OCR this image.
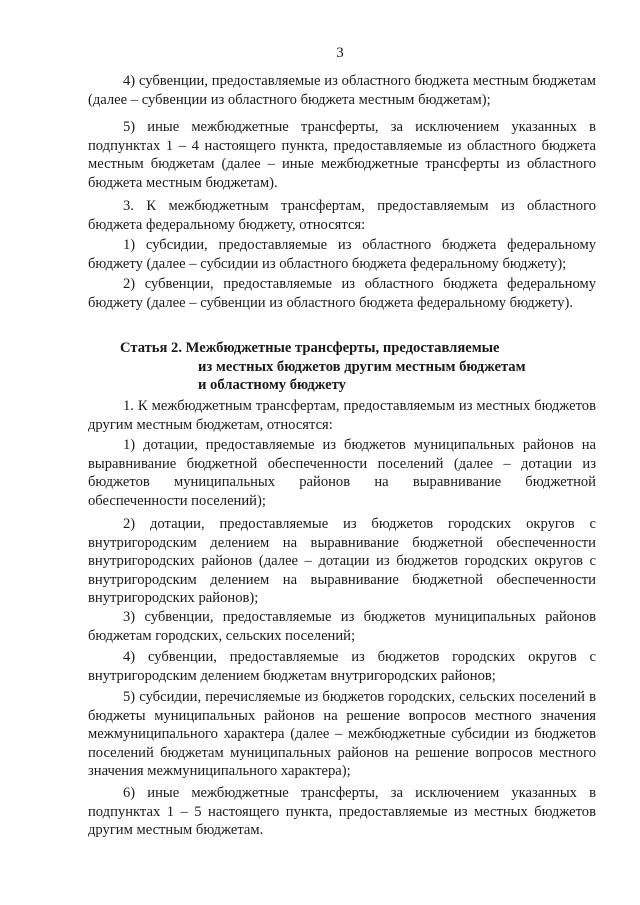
3

4) субвенции, предоставляемые из областного бюджета местным бюджетам (далее – субвенции из областного бюджета местным бюджетам);

5) иные межбюджетные трансферты, за исключением указанных в подпунктах 1 – 4 настоящего пункта, предоставляемые из областного бюджета местным бюджетам (далее – иные межбюджетные трансферты из областного бюджета местным бюджетам).

3. К межбюджетным трансфертам, предоставляемым из областного бюджета федеральному бюджету, относятся:

1) субсидии, предоставляемые из областного бюджета федеральному бюджету (далее – субсидии из областного бюджета федеральному бюджету);

2) субвенции, предоставляемые из областного бюджета федеральному бюджету (далее – субвенции из областного бюджета федеральному бюджету).

Статья 2. Межбюджетные трансферты, предоставляемые
из местных бюджетов другим местным бюджетам
и областному бюджету

1. К межбюджетным трансфертам, предоставляемым из местных бюджетов другим местным бюджетам, относятся:

1) дотации, предоставляемые из бюджетов муниципальных районов на выравнивание бюджетной обеспеченности поселений (далее – дотации из бюджетов муниципальных районов на выравнивание бюджетной обеспеченности поселений);

2) дотации, предоставляемые из бюджетов городских округов с внутригородским делением на выравнивание бюджетной обеспеченности внутригородских районов (далее – дотации из бюджетов городских округов с внутригородским делением на выравнивание бюджетной обеспеченности внутригородских районов);

3) субвенции, предоставляемые из бюджетов муниципальных районов бюджетам городских, сельских поселений;

4) субвенции, предоставляемые из бюджетов городских округов с внутригородским делением бюджетам внутригородских районов;

5) субсидии, перечисляемые из бюджетов городских, сельских поселений в бюджеты муниципальных районов на решение вопросов местного значения межмуниципального характера (далее – межбюджетные субсидии из бюджетов поселений бюджетам муниципальных районов на решение вопросов местного значения межмуниципального характера);

6) иные межбюджетные трансферты, за исключением указанных в подпунктах 1 – 5 настоящего пункта, предоставляемые из местных бюджетов другим местным бюджетам.
